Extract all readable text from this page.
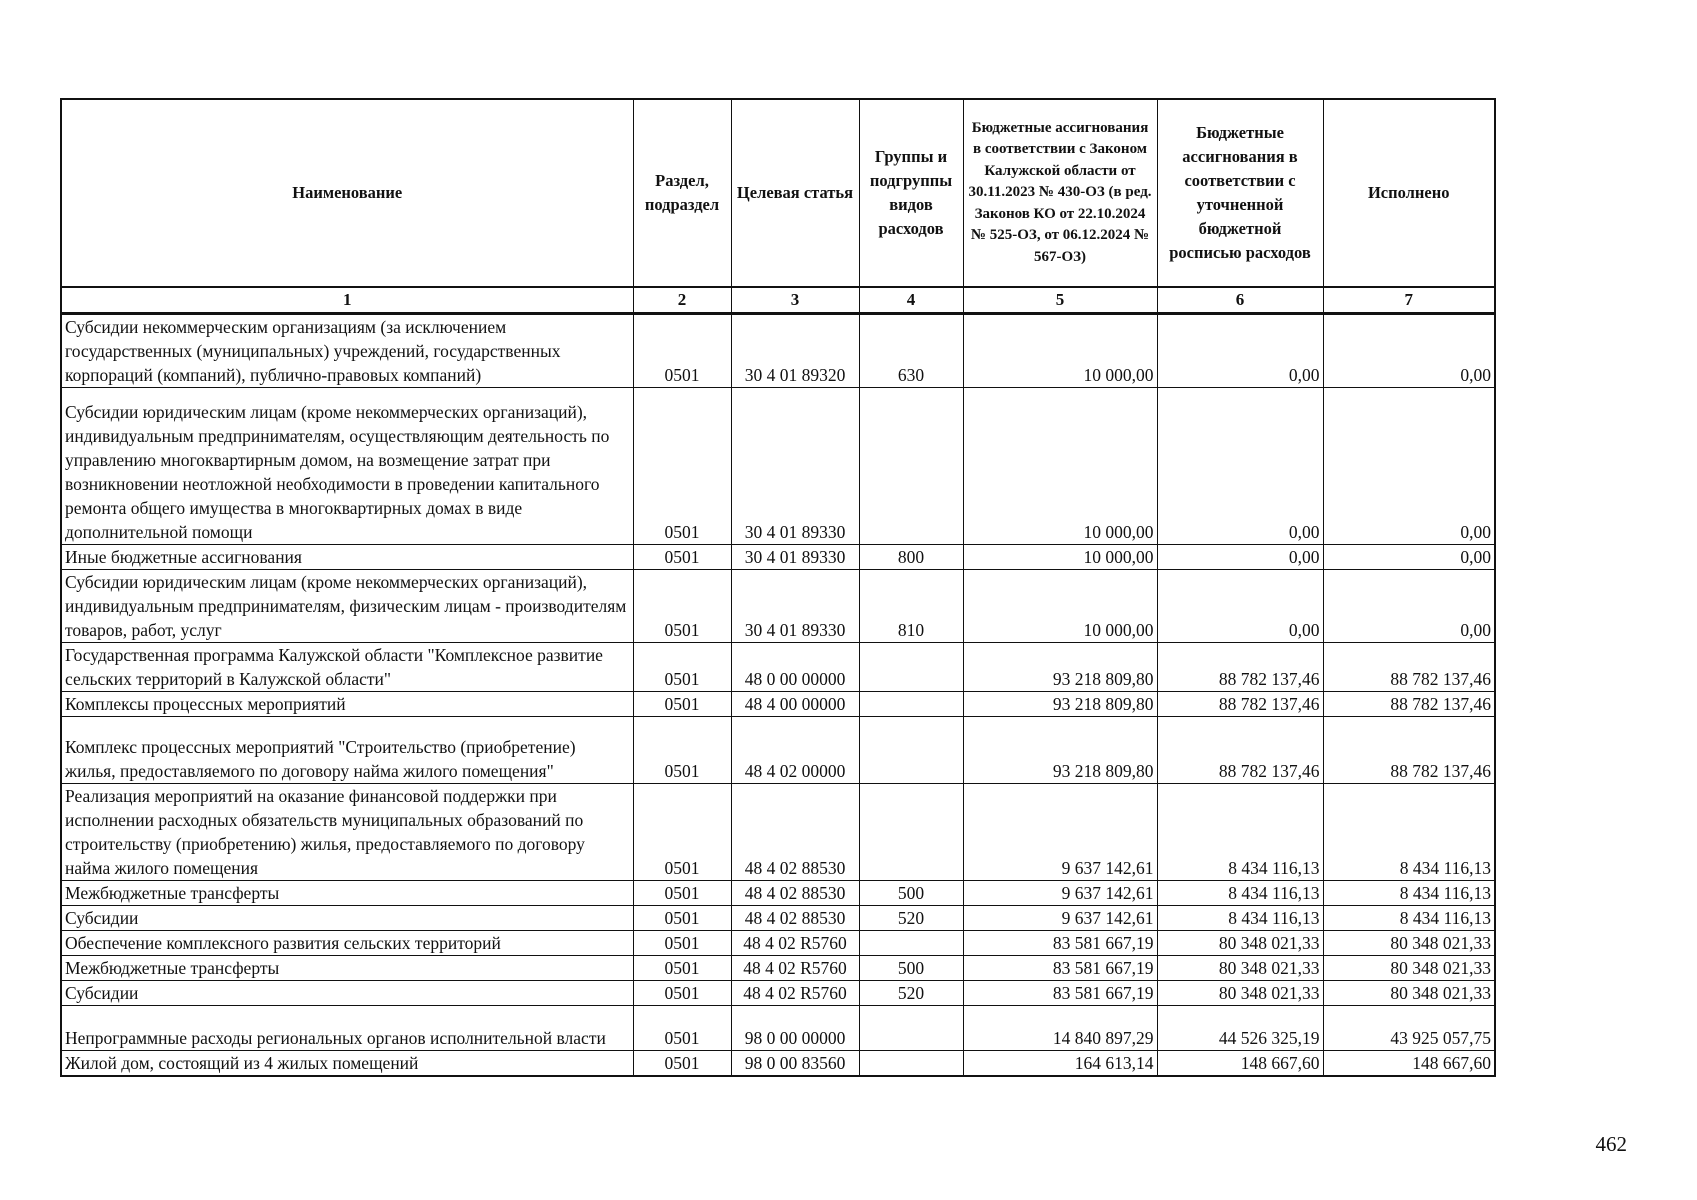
Наименование	Раздел, подраздел	Целевая статья	Группы и подгруппы видов расходов	Бюджетные ассигнования в соответствии с Законом Калужской области от 30.11.2023 № 430-ОЗ (в ред. Законов КО от 22.10.2024 № 525-ОЗ, от 06.12.2024 № 567-ОЗ)	Бюджетные ассигнования в соответствии с уточненной бюджетной росписью расходов	Исполнено
1	2	3	4	5	6	7
Субсидии некоммерческим организациям (за исключением государственных (муниципальных) учреждений, государственных корпораций (компаний), публично-правовых компаний)	0501	30 4 01 89320	630	10 000,00	0,00	0,00
Субсидии юридическим лицам (кроме некоммерческих организаций), индивидуальным предпринимателям, осуществляющим деятельность по управлению многоквартирным домом, на возмещение затрат при возникновении неотложной необходимости в проведении капитального ремонта общего имущества в многоквартирных домах в виде дополнительной помощи	0501	30 4 01 89330		10 000,00	0,00	0,00
Иные бюджетные ассигнования	0501	30 4 01 89330	800	10 000,00	0,00	0,00
Субсидии юридическим лицам (кроме некоммерческих организаций), индивидуальным предпринимателям, физическим лицам - производителям товаров, работ, услуг	0501	30 4 01 89330	810	10 000,00	0,00	0,00
Государственная программа Калужской области "Комплексное развитие сельских территорий в Калужской области"	0501	48 0 00 00000		93 218 809,80	88 782 137,46	88 782 137,46
Комплексы процессных мероприятий	0501	48 4 00 00000		93 218 809,80	88 782 137,46	88 782 137,46
Комплекс процессных мероприятий "Строительство (приобретение) жилья, предоставляемого по договору найма жилого помещения"	0501	48 4 02 00000		93 218 809,80	88 782 137,46	88 782 137,46
Реализация мероприятий на оказание финансовой поддержки при исполнении расходных обязательств муниципальных образований по строительству (приобретению) жилья, предоставляемого по договору найма жилого помещения	0501	48 4 02 88530		9 637 142,61	8 434 116,13	8 434 116,13
Межбюджетные трансферты	0501	48 4 02 88530	500	9 637 142,61	8 434 116,13	8 434 116,13
Субсидии	0501	48 4 02 88530	520	9 637 142,61	8 434 116,13	8 434 116,13
Обеспечение комплексного развития сельских территорий	0501	48 4 02 R5760		83 581 667,19	80 348 021,33	80 348 021,33
Межбюджетные трансферты	0501	48 4 02 R5760	500	83 581 667,19	80 348 021,33	80 348 021,33
Субсидии	0501	48 4 02 R5760	520	83 581 667,19	80 348 021,33	80 348 021,33
Непрограммные расходы региональных органов исполнительной власти	0501	98 0 00 00000		14 840 897,29	44 526 325,19	43 925 057,75
Жилой дом, состоящий из 4 жилых помещений	0501	98 0 00 83560		164 613,14	148 667,60	148 667,60
462
